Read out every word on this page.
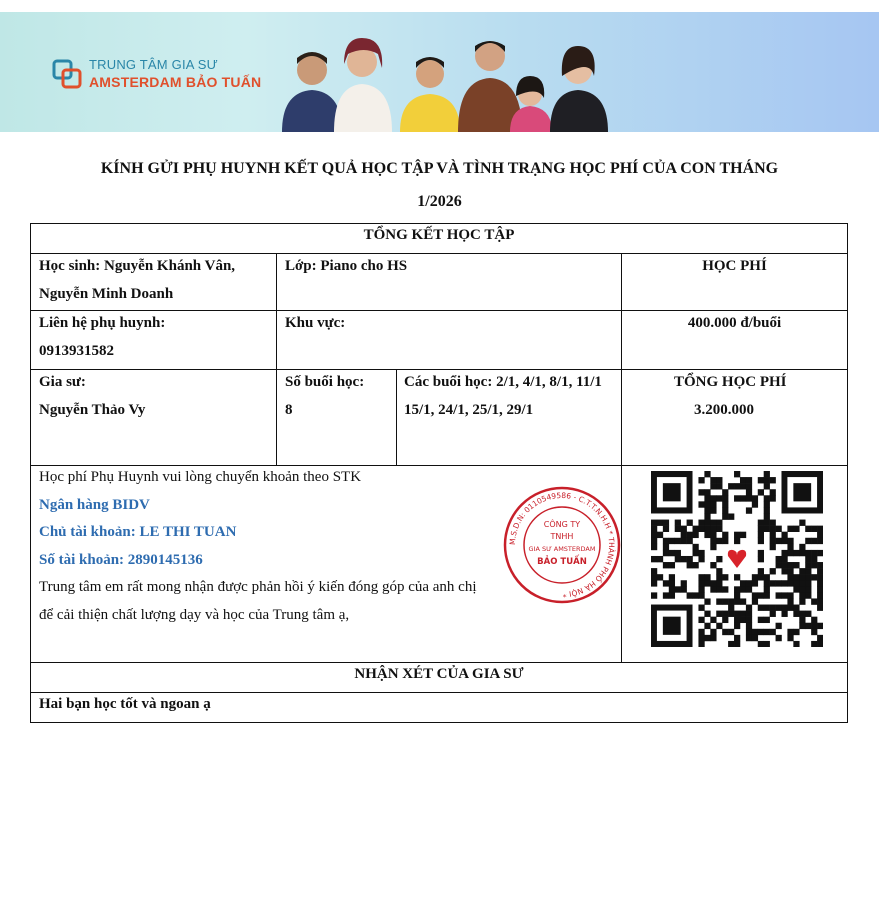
TRUNG TÂM GIA SƯ
AMSTERDAM BẢO TUẤN
KÍNH GỬI PHỤ HUYNH KẾT QUẢ HỌC TẬP VÀ TÌNH TRẠNG HỌC PHÍ CỦA CON THÁNG
1/2026
TỔNG KẾT HỌC TẬP
Học sinh: Nguyễn Khánh Vân,
Nguyễn Minh Doanh
Lớp: Piano cho HS	HỌC PHÍ
Liên hệ phụ huynh:
0913931582
Khu vực:	400.000 đ/buổi
Gia sư:
Nguyễn Thảo Vy
Số buổi học:
8
Các buổi học: 2/1, 4/1, 8/1, 11/1
15/1, 24/1, 25/1, 29/1
TỔNG HỌC PHÍ
3.200.000
Học phí Phụ Huynh vui lòng chuyển khoản theo STK
Ngân hàng BIDV
Chủ tài khoản: LE THI TUAN
Số tài khoản: 2890145136
Trung tâm em rất mong nhận được phản hồi ý kiến đóng góp của anh chị
để cải thiện chất lượng dạy và học của Trung tâm ạ,
M.S.D.N: 0110549586 - C.T.T.N.H.H * THÀNH PHỐ HÀ NỘI *
CÔNG TY
TNHH
GIA SƯ AMSTERDAM
BẢO TUẤN
NHẬN XÉT CỦA GIA SƯ
Hai bạn học tốt và ngoan ạ
